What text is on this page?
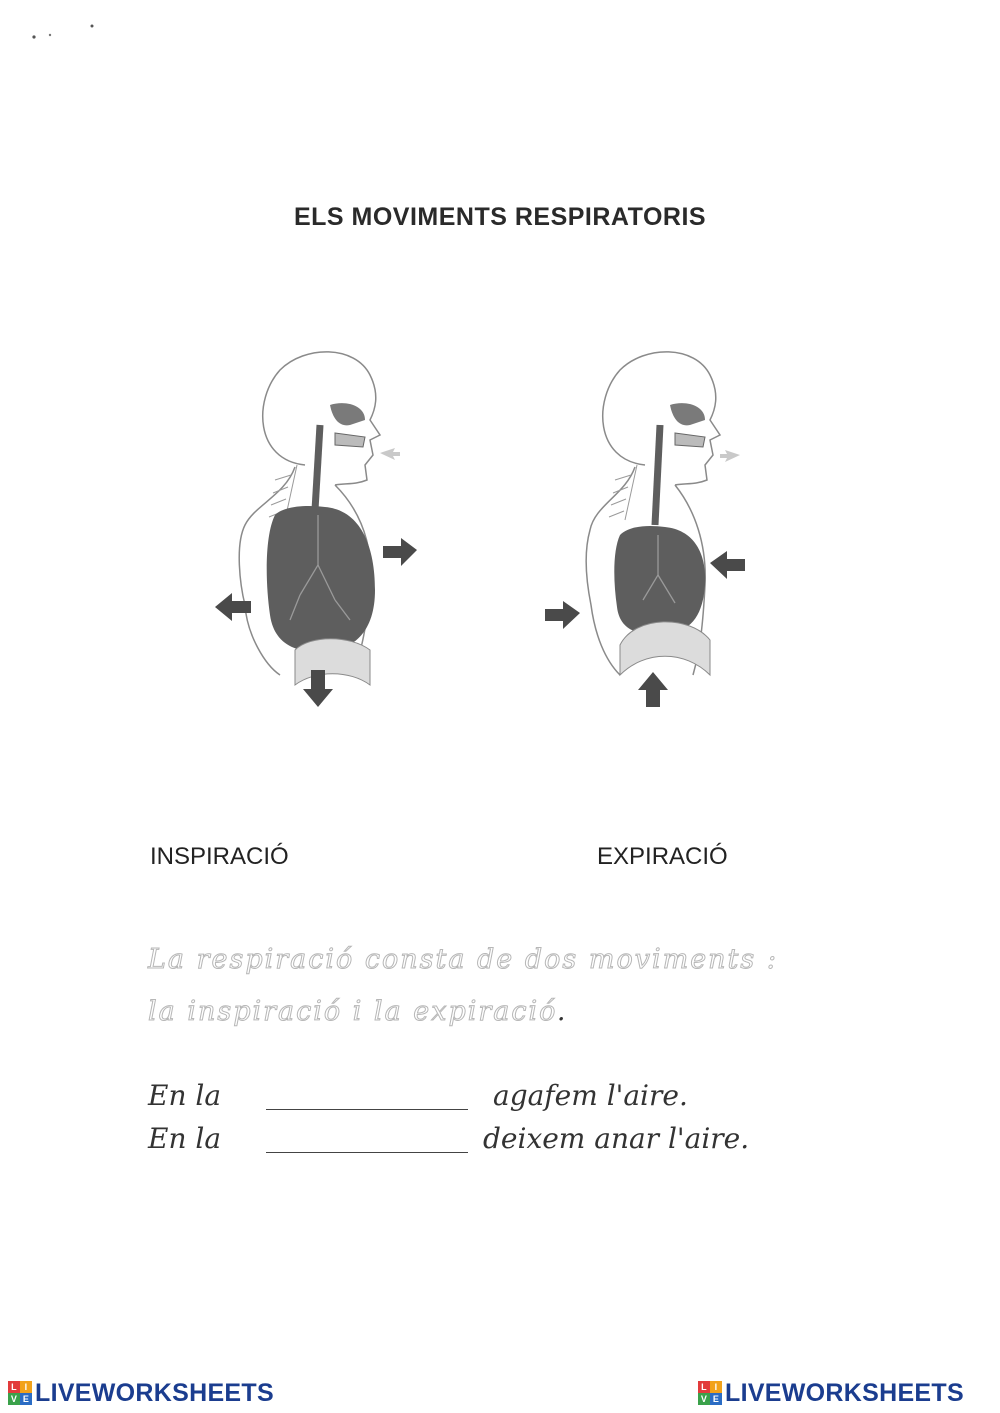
ELS MOVIMENTS RESPIRATORIS
INSPIRACIÓ	EXPIRACIÓ
La respiració consta de dos moviments :
la inspiració i la expiració.
En la	agafem l'aire.
En la	deixem anar l'aire.
L I
V E LIVEWORKSHEETS	L I
V E LIVEWORKSHEETS
